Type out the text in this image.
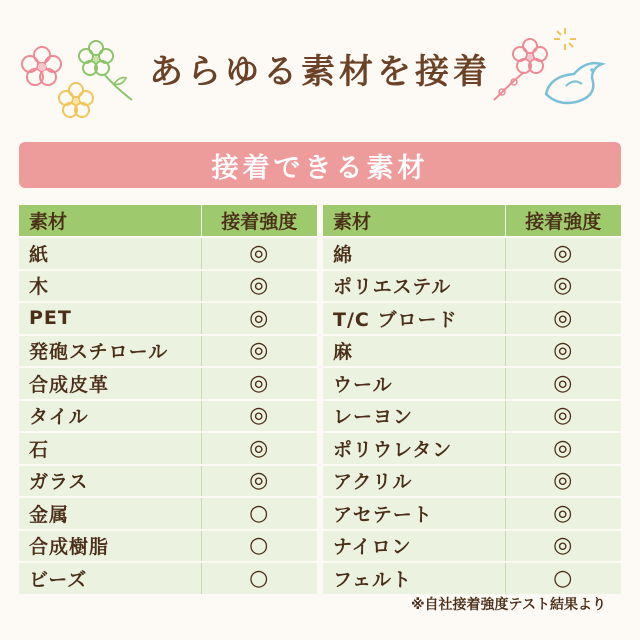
あらゆる素材を接着
接着できる素材
素材	接着強度
紙	◎
木	◎
PET	◎
発砲スチロール	◎
合成皮革	◎
タイル	◎
石	◎
ガラス	◎
金属	○
合成樹脂	○
ビーズ	○
素材	接着強度
綿	◎
ポリエステル	◎
T/C ブロード	◎
麻	◎
ウール	◎
レーヨン	◎
ポリウレタン	◎
アクリル	◎
アセテート	◎
ナイロン	◎
フェルト	○
※自社接着強度テスト結果より
